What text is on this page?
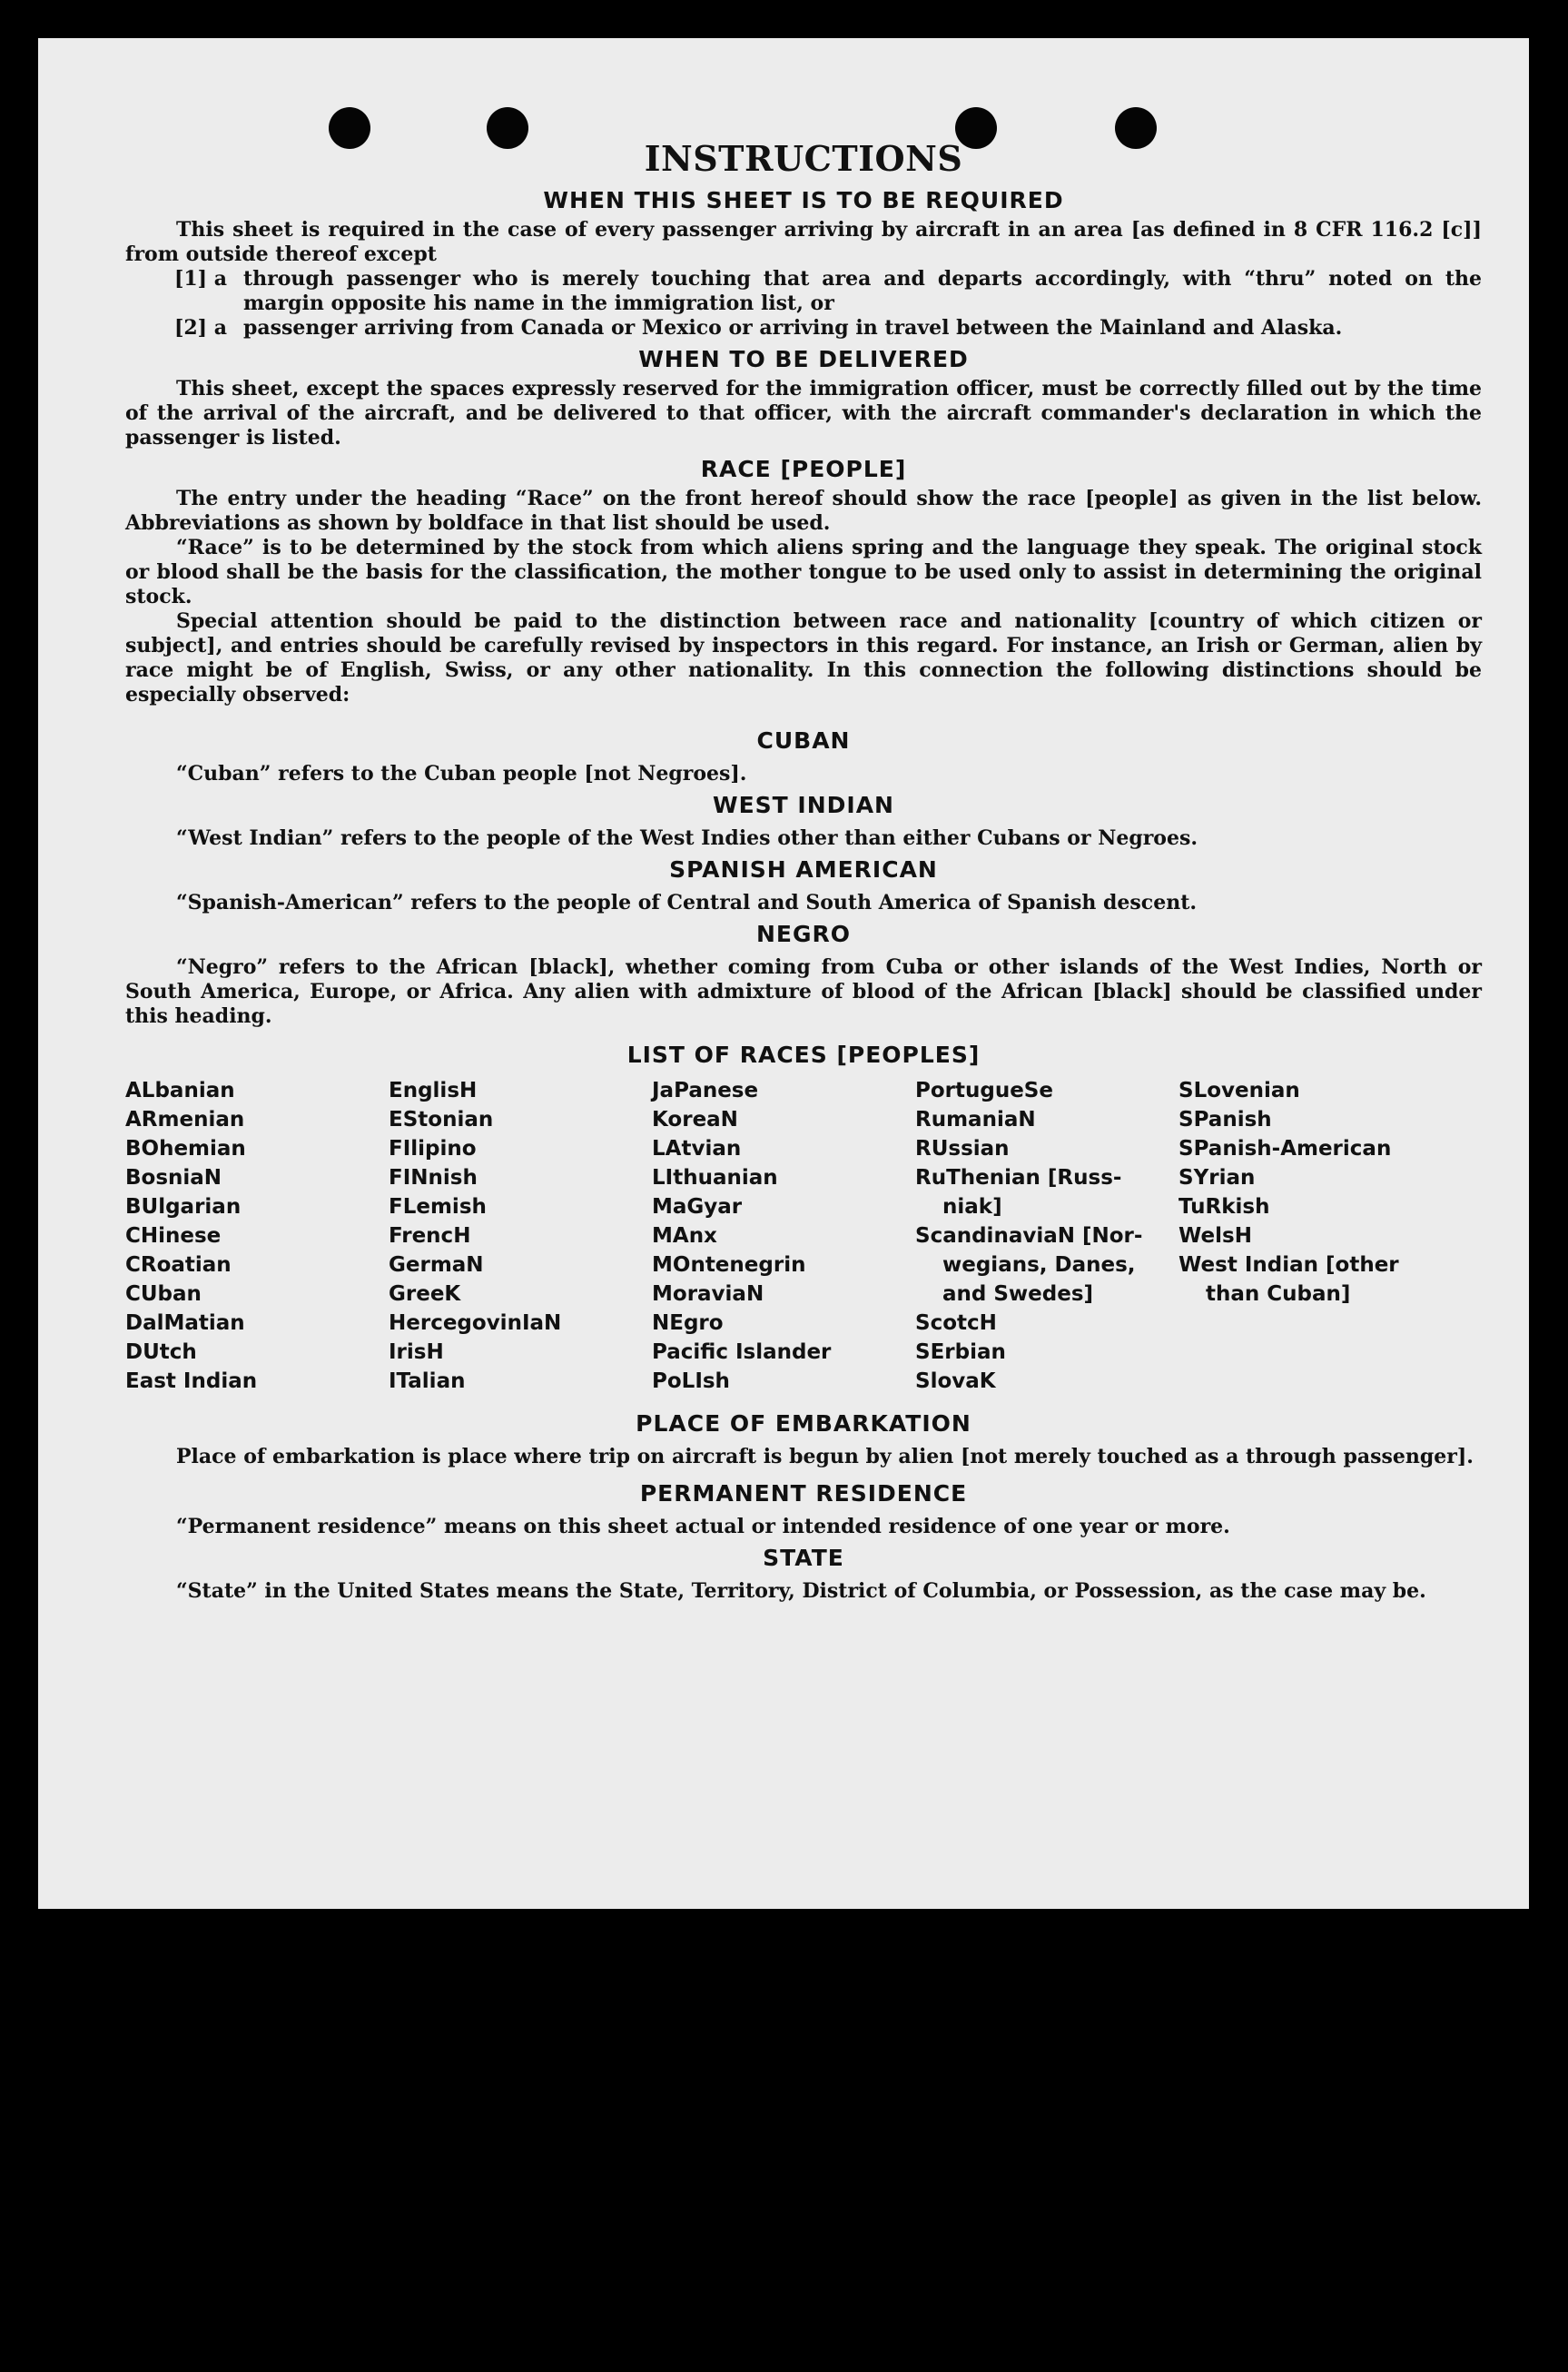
INSTRUCTIONS
WHEN THIS SHEET IS TO BE REQUIRED

This sheet is required in the case of every passenger arriving by aircraft in an area [as defined in 8 CFR 116.2 [c]] from outside thereof except

[1] a through passenger who is merely touching that area and departs accordingly, with “thru” noted on the margin opposite his name in the immigration list, or
[2] a passenger arriving from Canada or Mexico or arriving in travel between the Mainland and Alaska.
WHEN TO BE DELIVERED

This sheet, except the spaces expressly reserved for the immigration officer, must be correctly filled out by the time of the arrival of the aircraft, and be delivered to that officer, with the aircraft commander's declaration in which the passenger is listed.

RACE [PEOPLE]

The entry under the heading “Race” on the front hereof should show the race [people] as given in the list below. Abbreviations as shown by boldface in that list should be used.

“Race” is to be determined by the stock from which aliens spring and the language they speak. The original stock or blood shall be the basis for the classification, the mother tongue to be used only to assist in determining the original stock.

Special attention should be paid to the distinction between race and nationality [country of which citizen or subject], and entries should be carefully revised by inspectors in this regard. For instance, an Irish or German, alien by race might be of English, Swiss, or any other nationality. In this connection the following distinctions should be especially observed:

CUBAN

“Cuban” refers to the Cuban people [not Negroes].

WEST INDIAN

“West Indian” refers to the people of the West Indies other than either Cubans or Negroes.

SPANISH AMERICAN

“Spanish-American” refers to the people of Central and South America of Spanish descent.

NEGRO

“Negro” refers to the African [black], whether coming from Cuba or other islands of the West Indies, North or South America, Europe, or Africa. Any alien with admixture of blood of the African [black] should be classified under this heading.

LIST OF RACES [PEOPLES]
ALbanian
ARmenian
BOhemian
BosniaN
BUlgarian
CHinese
CRoatian
CUban
DalMatian
DUtch
East Indian
EnglisH
EStonian
FIlipino
FINnish
FLemish
FrencH
GermaN
GreeK
HercegovinIaN
IrisH
ITalian
JaPanese
KoreaN
LAtvian
LIthuanian
MaGyar
MAnx
MOntenegrin
MoraviaN
NEgro
Pacific Islander
PoLIsh
PortugueSe
RumaniaN
RUssian
RuThenian [Russ-
niak]
ScandinaviaN [Nor-
wegians, Danes,
and Swedes]
ScotcH
SErbian
SlovaK
SLovenian
SPanish
SPanish-American
SYrian
TuRkish
WelsH
West Indian [other
than Cuban]
PLACE OF EMBARKATION

Place of embarkation is place where trip on aircraft is begun by alien [not merely touched as a through passenger].

PERMANENT RESIDENCE

“Permanent residence” means on this sheet actual or intended residence of one year or more.

STATE

“State” in the United States means the State, Territory, District of Columbia, or Possession, as the case may be.
